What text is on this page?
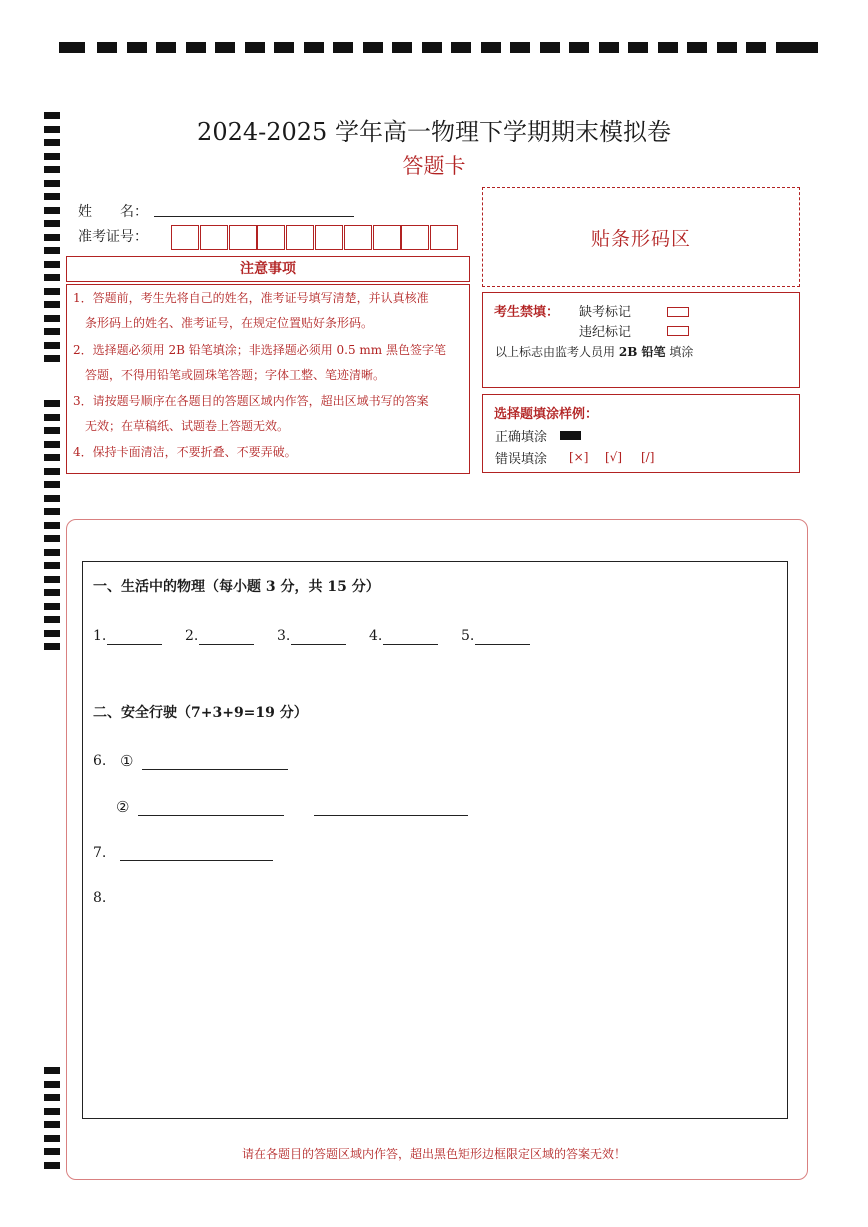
2024-2025 学年高一物理下学期期末模拟卷
答题卡
姓　　名：
准考证号：	贴条形码区
注意事项
1．答题前，考生先将自己的姓名，准考证号填写清楚，并认真核准
　条形码上的姓名、准考证号，在规定位置贴好条形码。
2．选择题必须用 2B 铅笔填涂；非选择题必须用 0.5 mm 黑色签字笔
　答题，不得用铅笔或圆珠笔答题；字体工整、笔迹清晰。
3．请按题号顺序在各题目的答题区域内作答，超出区域书写的答案
　无效；在草稿纸、试题卷上答题无效。
4．保持卡面清洁，不要折叠、不要弄破。
考生禁填： 缺考标记
违纪标记
以上标志由监考人员用 2B 铅笔 填涂
选择题填涂样例：
正确填涂
错误填涂 [×] [√] [/]
一、生活中的物理（每小题 3 分，共 15 分）
1.	2.	3.	4.	5.
二、安全行驶（7+3+9=19 分）
6. ①
②
7.
8.
请在各题目的答题区域内作答，超出黑色矩形边框限定区域的答案无效！
